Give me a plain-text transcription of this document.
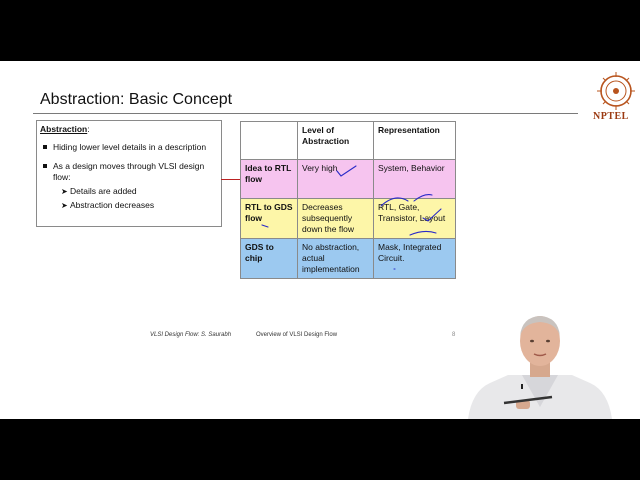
Abstraction: Basic Concept
NPTEL
Abstraction:
Hiding lower level details in a description
As a design moves through VLSI design flow:
➤ Details are added
➤ Abstraction decreases
	Level of Abstraction	Representation
Idea to RTL flow	Very high	System, Behavior
RTL to GDS flow	Decreases subsequently down the flow	RTL, Gate, Transistor, Layout
GDS to chip	No abstraction, actual implementation	Mask, Integrated Circuit.
VLSI Design Flow: S. Saurabh	Overview of VLSI Design Flow	8
